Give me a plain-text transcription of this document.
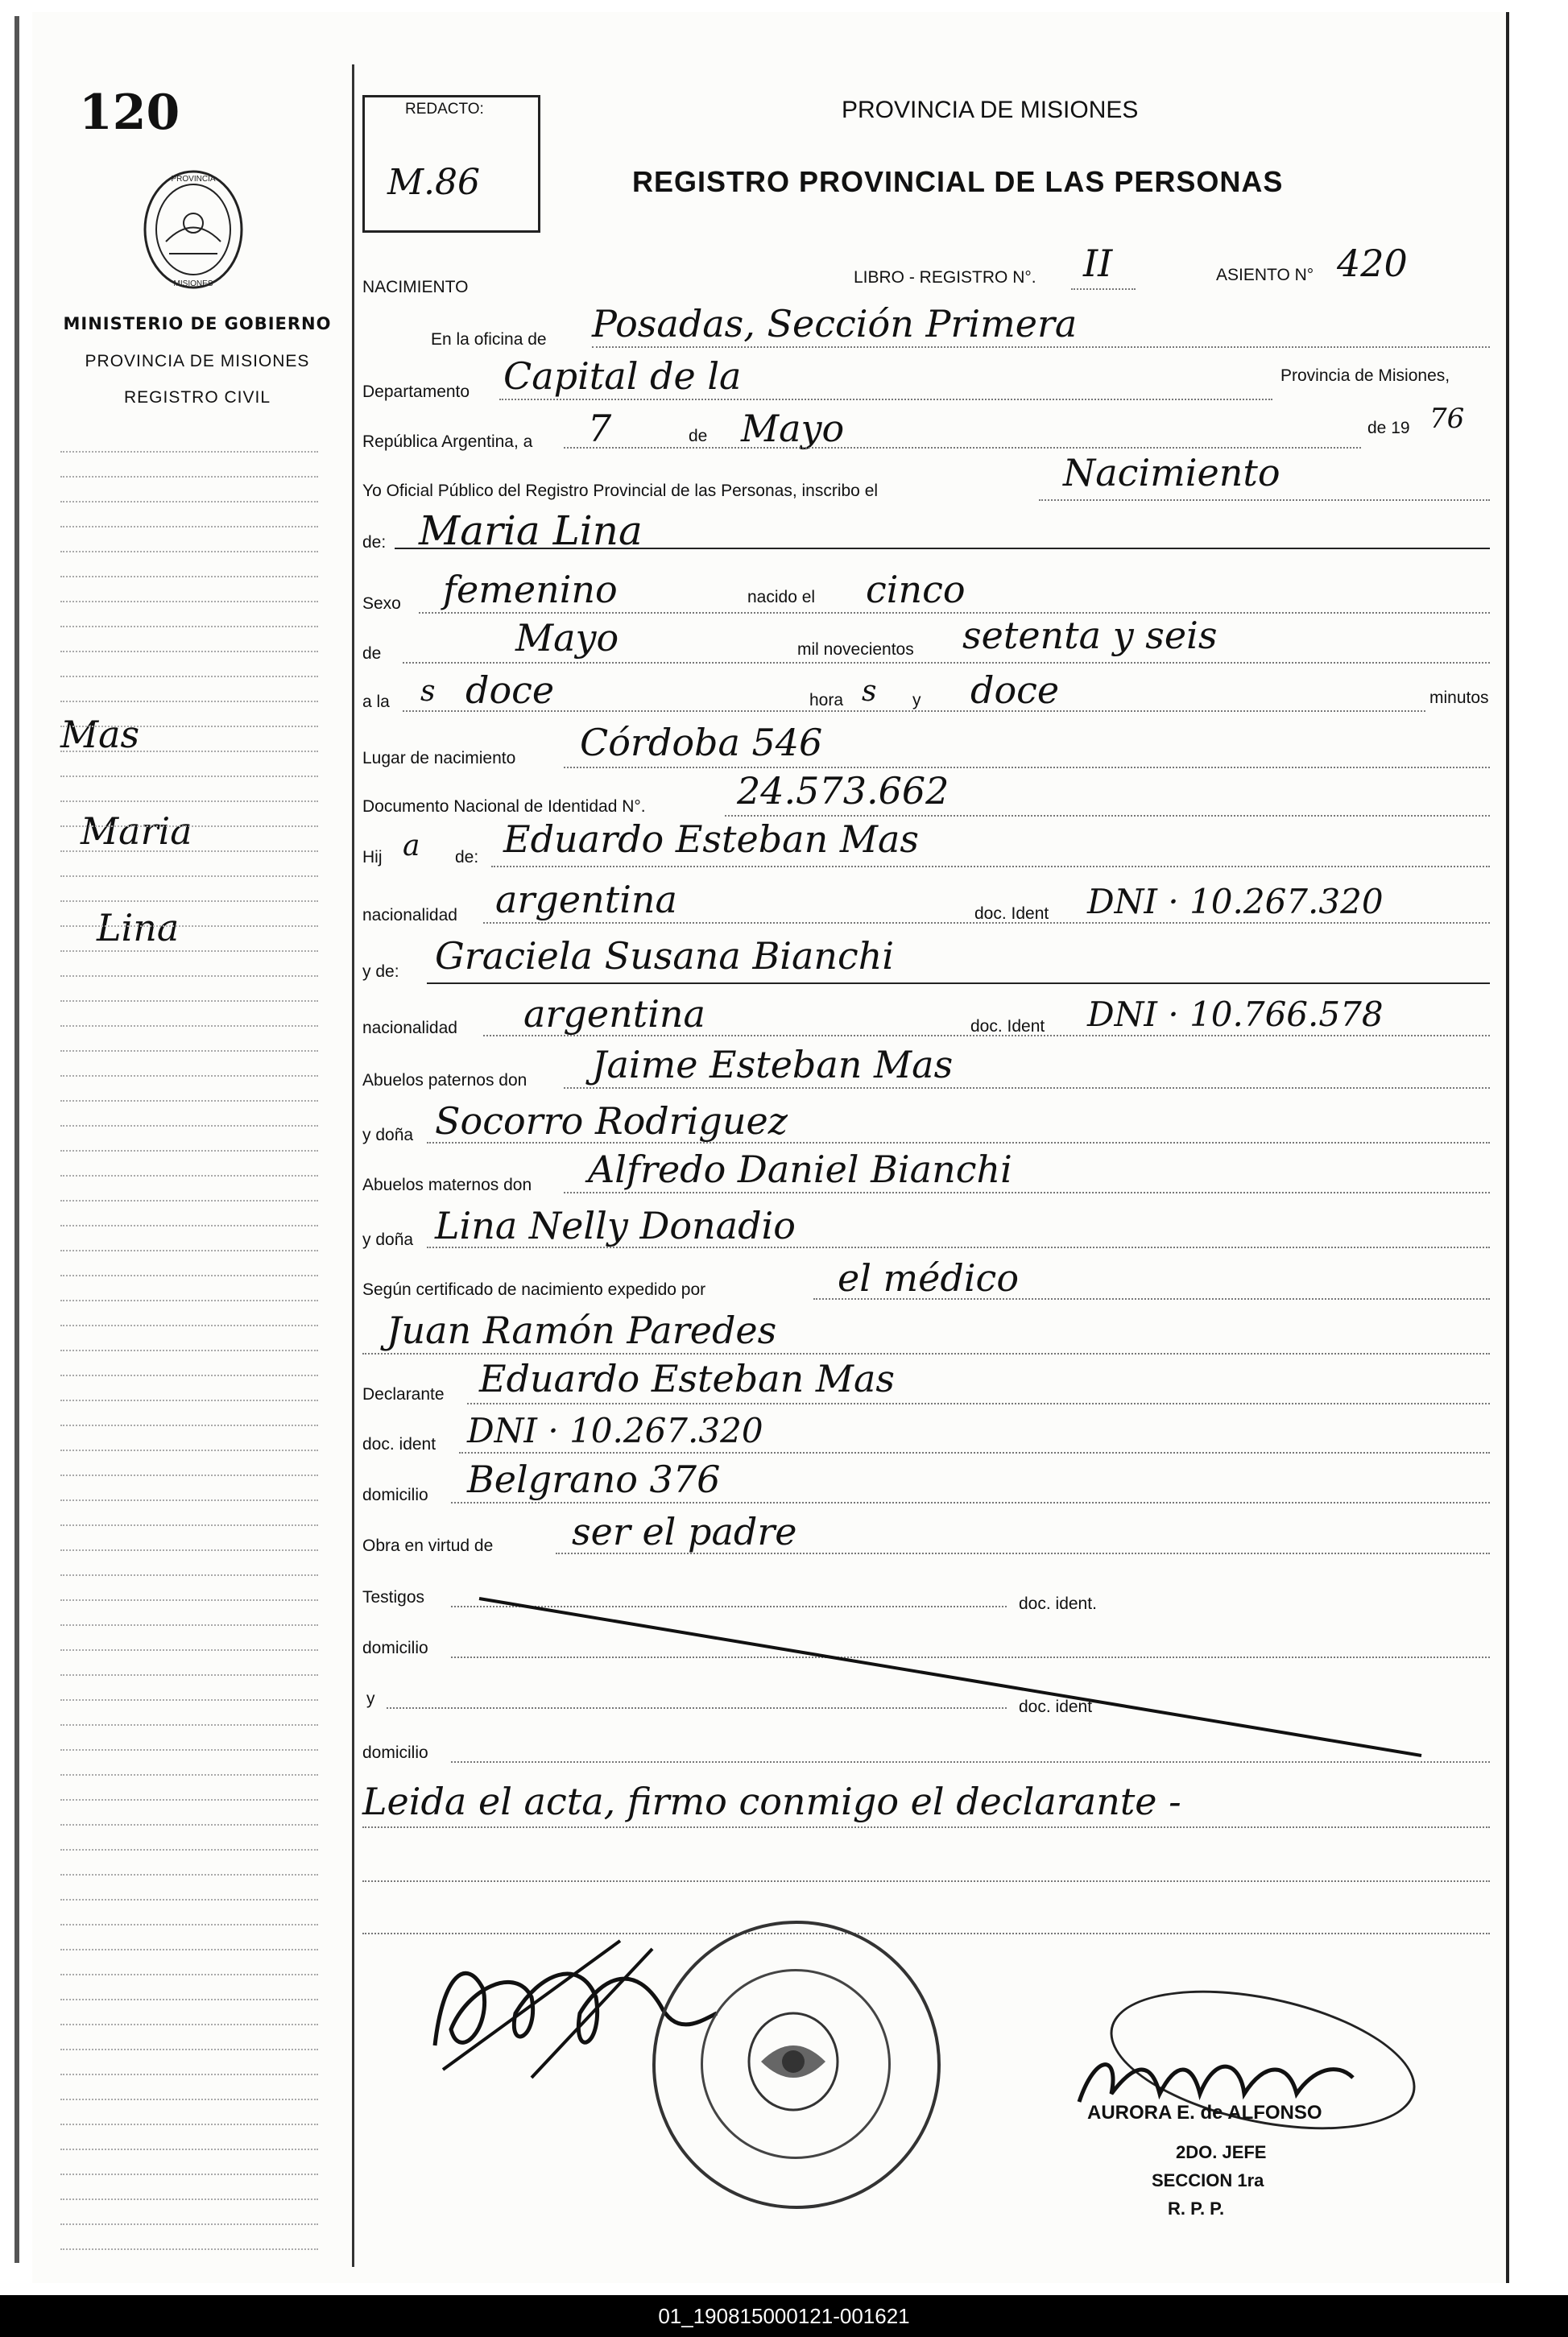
120
PROVINCIA
MISIONES
MINISTERIO DE GOBIERNO
PROVINCIA DE MISIONES
REGISTRO CIVIL
Mas
Maria
Lina
REDACTO:
M.86
PROVINCIA DE MISIONES
REGISTRO PROVINCIAL DE LAS PERSONAS
NACIMIENTO
LIBRO - REGISTRO N°. II	ASIENTO N° 420
En la oficina de Posadas, Sección Primera
Departamento Capital de la	Provincia de Misiones,
República Argentina, a 7	de Mayo	de 19 76
Yo Oficial Público del Registro Provincial de las Personas, inscribo el	Nacimiento
de: Maria Lina
Sexo femenino	nacido el cinco
de	Mayo	mil novecientos setenta y seis
a la s doce	hora s y doce	minutos
Lugar de nacimiento Córdoba 546
Documento Nacional de Identidad N°. 24.573.662
Hij a de: Eduardo Esteban Mas
nacionalidad argentina	doc. Ident DNI · 10.267.320
y de: Graciela Susana Bianchi
nacionalidad argentina	doc. Ident DNI · 10.766.578
Abuelos paternos don Jaime Esteban Mas
y doña Socorro Rodriguez
Abuelos maternos don Alfredo Daniel Bianchi
y doña Lina Nelly Donadio
Según certificado de nacimiento expedido por	el médico
Juan Ramón Paredes
Declarante Eduardo Esteban Mas
doc. ident DNI · 10.267.320
domicilio Belgrano 376
Obra en virtud de ser el padre
Testigos	doc. ident.
domicilio
y	doc. ident
domicilio
Leida el acta, firmo conmigo el declarante -
AURORA E. de ALFONSO
2DO. JEFE
SECCION 1ra
R. P. P.
01_190815000121-001621
